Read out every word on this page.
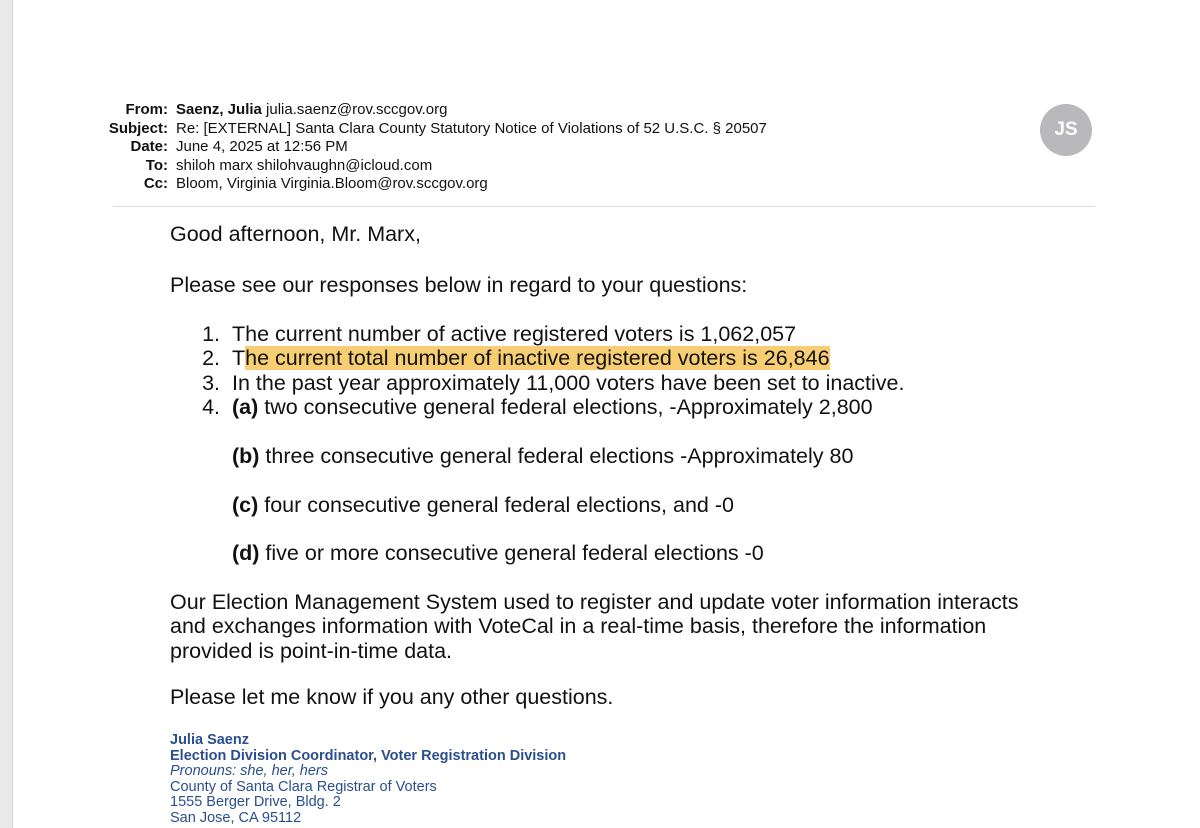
From: Saenz, Julia julia.saenz@rov.sccgov.org
Subject: Re: [EXTERNAL] Santa Clara County Statutory Notice of Violations of 52 U.S.C. § 20507
Date: June 4, 2025 at 12:56 PM
To: shiloh marx shilohvaughn@icloud.com
Cc: Bloom, Virginia Virginia.Bloom@rov.sccgov.org
JS

Good afternoon, Mr. Marx,

Please see our responses below in regard to your questions:

1. The current number of active registered voters is 1,062,057
2. The current total number of inactive registered voters is 26,846
3. In the past year approximately 11,000 voters have been set to inactive.
4. (a) two consecutive general federal elections, -Approximately 2,800
(b) three consecutive general federal elections -Approximately 80
(c) four consecutive general federal elections, and -0
(d) five or more consecutive general federal elections -0

Our Election Management System used to register and update voter information interacts

and exchanges information with VoteCal in a real-time basis, therefore the information

provided is point-in-time data.

Please let me know if you any other questions.

Julia Saenz
Election Division Coordinator, Voter Registration Division
Pronouns: she, her, hers
County of Santa Clara Registrar of Voters
1555 Berger Drive, Bldg. 2
San Jose, CA 95112
